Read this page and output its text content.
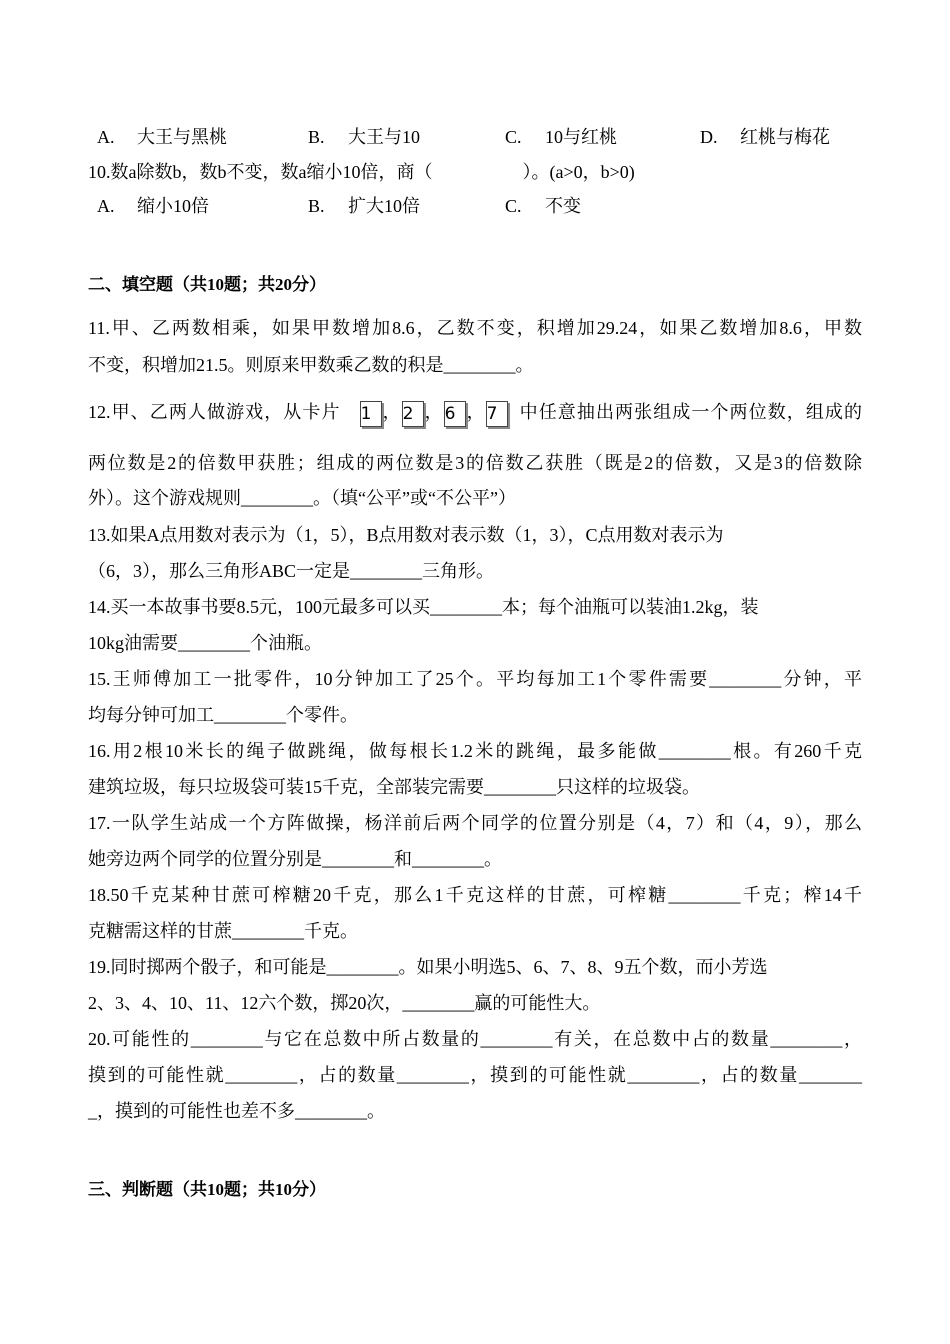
A. 大王与黑桃	B. 大王与10	C. 10与红桃	D. 红桃与梅花
10.数a除数b，数b不变，数a缩小10倍，商（　　　　　）。(a>0，b>0)
A. 缩小10倍	B. 扩大10倍	C. 不变
二、填空题（共10题；共20分）
11.甲、乙两数相乘，如果甲数增加8.6，乙数不变，积增加29.24，如果乙数增加8.6，甲数
不变，积增加21.5。则原来甲数乘乙数的积是________。
12.甲、乙两人做游戏，从卡片 1 ， 2 ， 6 ， 7 中任意抽出两张组成一个两位数，组成的
两位数是2的倍数甲获胜；组成的两位数是3的倍数乙获胜（既是2的倍数，又是3的倍数除
外）。这个游戏规则________。（填“公平”或“不公平”）
13.如果A点用数对表示为（1，5），B点用数对表示数（1，3），C点用数对表示为
（6，3），那么三角形ABC一定是________三角形。
14.买一本故事书要8.5元，100元最多可以买________本；每个油瓶可以装油1.2kg，装
10kg油需要________个油瓶。
15.王师傅加工一批零件，10分钟加工了25个。平均每加工1个零件需要________分钟，平
均每分钟可加工________个零件。
16.用2根10米长的绳子做跳绳，做每根长1.2米的跳绳，最多能做________根。有260千克
建筑垃圾，每只垃圾袋可装15千克，全部装完需要________只这样的垃圾袋。
17.一队学生站成一个方阵做操，杨洋前后两个同学的位置分别是（4，7）和（4，9），那么
她旁边两个同学的位置分别是________和________。
18.50千克某种甘蔗可榨糖20千克，那么1千克这样的甘蔗，可榨糖________千克；榨14千
克糖需这样的甘蔗________千克。
19.同时掷两个骰子，和可能是________。如果小明选5、6、7、8、9五个数，而小芳选
2、3、4、10、11、12六个数，掷20次，________赢的可能性大。
20.可能性的________与它在总数中所占数量的________有关，在总数中占的数量________，
摸到的可能性就________，占的数量________，摸到的可能性就________，占的数量_______
_，摸到的可能性也差不多________。
三、判断题（共10题；共10分）
